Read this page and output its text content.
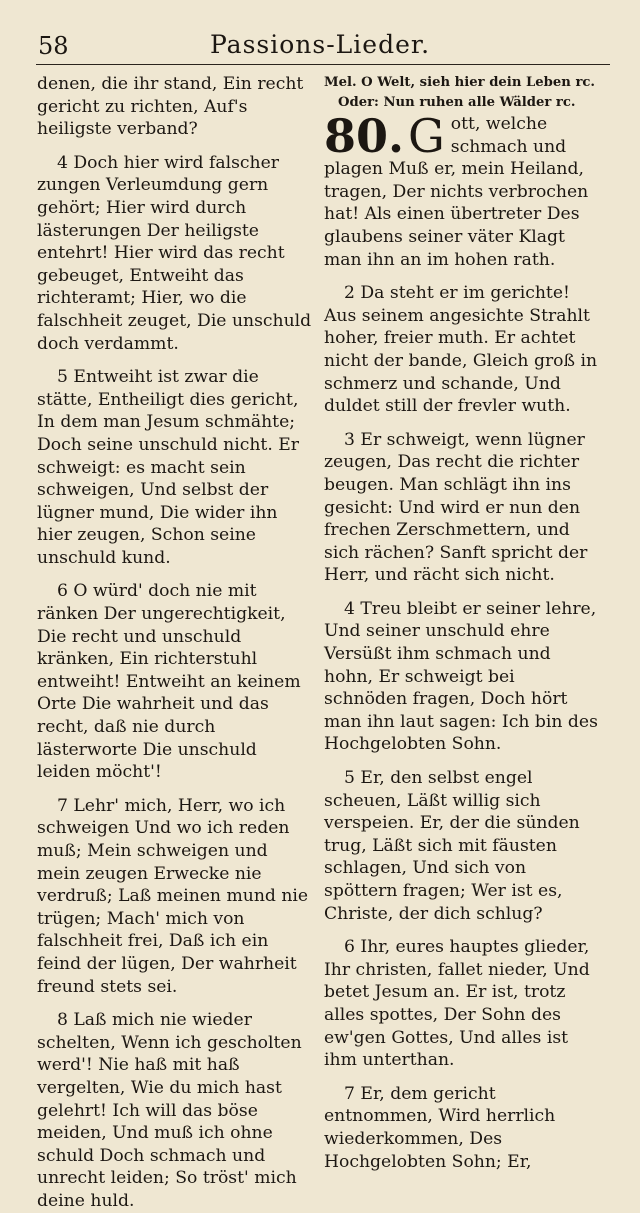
58	Passions-Lieder.

denen, die ihr stand, Ein recht gericht zu richten, Auf's heiligste verband?

4 Doch hier wird falscher zungen Verleumdung gern gehört; Hier wird durch lästerungen Der heiligste entehrt! Hier wird das recht gebeuget, Entweiht das richteramt; Hier, wo die falschheit zeuget, Die unschuld doch verdammt.

5 Entweiht ist zwar die stätte, Entheiligt dies gericht, In dem man Jesum schmähte; Doch seine unschuld nicht. Er schweigt: es macht sein schweigen, Und selbst der lügner mund, Die wider ihn hier zeugen, Schon seine unschuld kund.

6 O würd' doch nie mit ränken Der ungerechtigkeit, Die recht und unschuld kränken, Ein richterstuhl entweiht! Entweiht an keinem Orte Die wahrheit und das recht, daß nie durch lästerworte Die unschuld leiden möcht'!

7 Lehr' mich, Herr, wo ich schweigen Und wo ich reden muß; Mein schweigen und mein zeugen Erwecke nie verdruß; Laß meinen mund nie trügen; Mach' mich von falschheit frei, Daß ich ein feind der lügen, Der wahrheit freund stets sei.

8 Laß mich nie wieder schelten, Wenn ich gescholten werd'! Nie haß mit haß vergelten, Wie du mich hast gelehrt! Ich will das böse meiden, Und muß ich ohne schuld Doch schmach und unrecht leiden; So tröst' mich deine huld.

Mel. O Welt, sieh hier dein Leben rc.
Oder: Nun ruhen alle Wälder rc.

80. G ott, welche schmach und plagen Muß er, mein Heiland, tragen, Der nichts verbrochen hat! Als einen übertreter Des glaubens seiner väter Klagt man ihn an im hohen rath.

2 Da steht er im gerichte! Aus seinem angesichte Strahlt hoher, freier muth. Er achtet nicht der bande, Gleich groß in schmerz und schande, Und duldet still der frevler wuth.

3 Er schweigt, wenn lügner zeugen, Das recht die richter beugen. Man schlägt ihn ins gesicht: Und wird er nun den frechen Zerschmettern, und sich rächen? Sanft spricht der Herr, und rächt sich nicht.

4 Treu bleibt er seiner lehre, Und seiner unschuld ehre Versüßt ihm schmach und hohn, Er schweigt bei schnöden fragen, Doch hört man ihn laut sagen: Ich bin des Hochgelobten Sohn.

5 Er, den selbst engel scheuen, Läßt willig sich verspeien. Er, der die sünden trug, Läßt sich mit fäusten schlagen, Und sich von spöttern fragen; Wer ist es, Christe, der dich schlug?

6 Ihr, eures hauptes glieder, Ihr christen, fallet nieder, Und betet Jesum an. Er ist, trotz alles spottes, Der Sohn des ew'gen Gottes, Und alles ist ihm unterthan.

7 Er, dem gericht entnommen, Wird herrlich wiederkommen, Des Hochgelobten Sohn; Er,
